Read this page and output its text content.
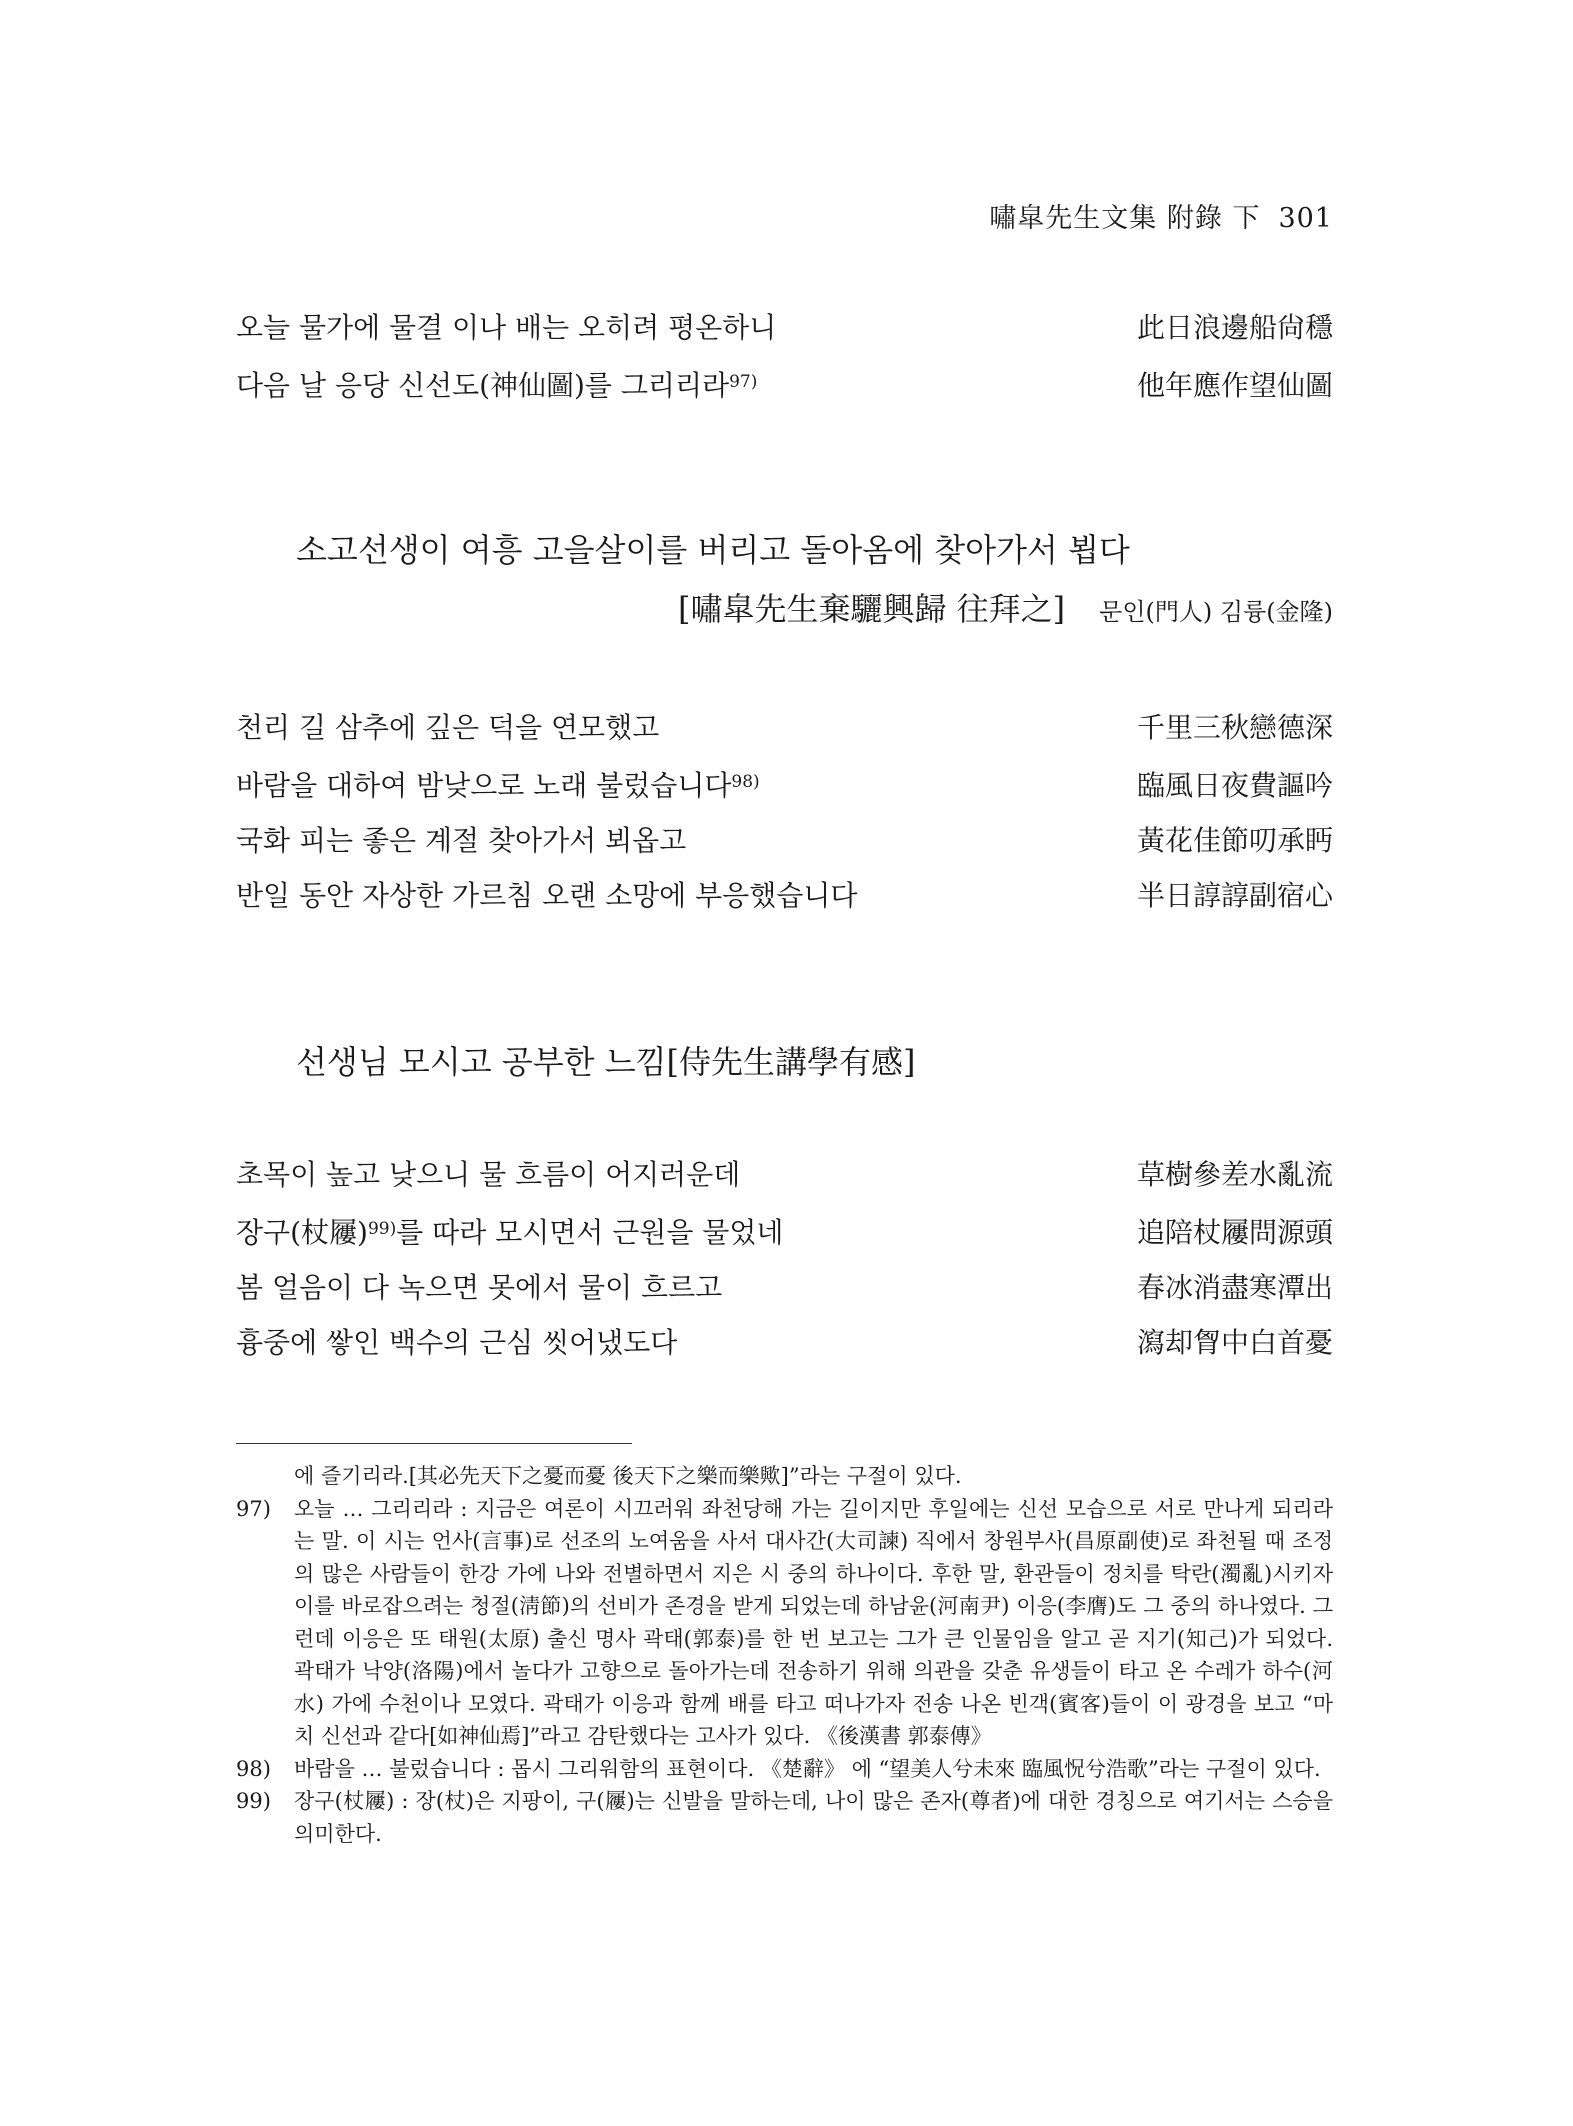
嘯皐先生文集 附錄 下 301
오늘 물가에 물결 이나 배는 오히려 평온하니	此日浪邊船尙穩
다음 날 응당 신선도(神仙圖)를 그리리라$^{97)}$	他年應作望仙圖
소고선생이 여흥 고을살이를 버리고 돌아옴에 찾아가서 뵙다
[嘯皐先生棄驪興歸 往拜之] 문인(門人) 김륭(金隆)
천리 길 삼추에 깊은 덕을 연모했고	千里三秋戀德深
바람을 대하여 밤낮으로 노래 불렀습니다$^{98)}$	臨風日夜費謳吟
국화 피는 좋은 계절 찾아가서 뵈옵고	黃花佳節叨承眄
반일 동안 자상한 가르침 오랜 소망에 부응했습니다	半日諄諄副宿心
선생님 모시고 공부한 느낌[侍先生講學有感]
초목이 높고 낮으니 물 흐름이 어지러운데	草樹參差水亂流
장구(杖屨)$^{99)}$를 따라 모시면서 근원을 물었네	追陪杖屨問源頭
봄 얼음이 다 녹으면 못에서 물이 흐르고	春冰消盡寒潭出
흉중에 쌓인 백수의 근심 씻어냈도다	瀉却胷中白首憂
에 즐기리라.[其必先天下之憂而憂 後天下之樂而樂歟]”라는 구절이 있다.
97)	오늘 … 그리리라 : 지금은 여론이 시끄러워 좌천당해 가는 길이지만 후일에는 신선 모습으로 서로 만나게 되리라는 말. 이 시는 언사(言事)로 선조의 노여움을 사서 대사간(大司諫) 직에서 창원부사(昌原副使)로 좌천될 때 조정의 많은 사람들이 한강 가에 나와 전별하면서 지은 시 중의 하나이다. 후한 말, 환관들이 정치를 탁란(濁亂)시키자 이를 바로잡으려는 청절(淸節)의 선비가 존경을 받게 되었는데 하남윤(河南尹) 이응(李膺)도 그 중의 하나였다. 그런데 이응은 또 태원(太原) 출신 명사 곽태(郭泰)를 한 번 보고는 그가 큰 인물임을 알고 곧 지기(知己)가 되었다. 곽태가 낙양(洛陽)에서 놀다가 고향으로 돌아가는데 전송하기 위해 의관을 갖춘 유생들이 타고 온 수레가 하수(河水) 가에 수천이나 모였다. 곽태가 이응과 함께 배를 타고 떠나가자 전송 나온 빈객(賓客)들이 이 광경을 보고 “마치 신선과 같다[如神仙焉]”라고 감탄했다는 고사가 있다. 《後漢書 郭泰傳》
98)	바람을 … 불렀습니다 : 몹시 그리워함의 표현이다. 《楚辭》 에 “望美人兮未來 臨風怳兮浩歌”라는 구절이 있다.
99)	장구(杖屨) : 장(杖)은 지팡이, 구(屨)는 신발을 말하는데, 나이 많은 존자(尊者)에 대한 경칭으로 여기서는 스승을 의미한다.
